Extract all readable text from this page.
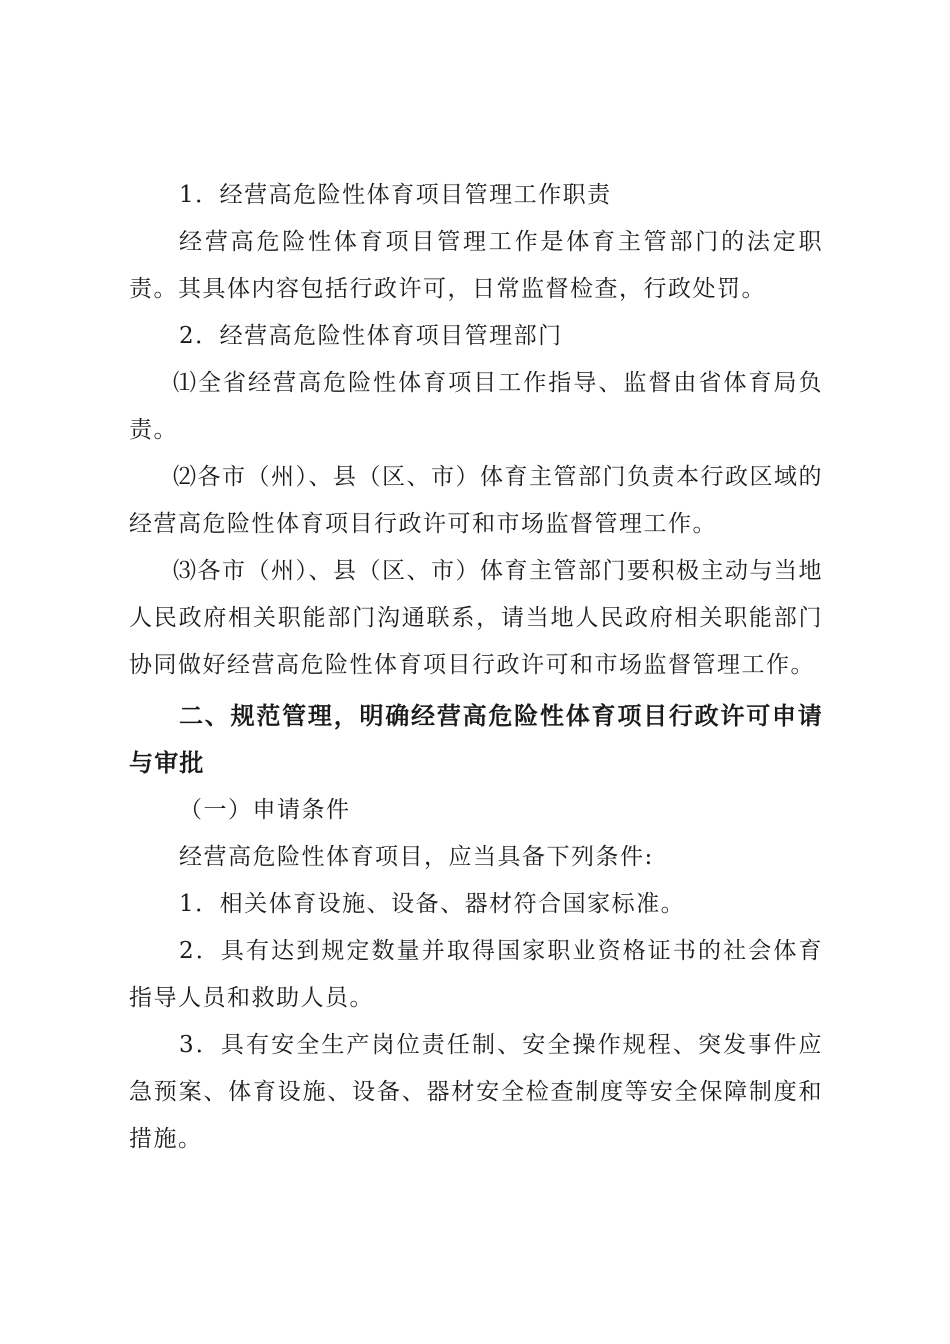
1．经营高危险性体育项目管理工作职责

经营高危险性体育项目管理工作是体育主管部门的法定职责。其具体内容包括行政许可，日常监督检查，行政处罚。

2．经营高危险性体育项目管理部门

⑴全省经营高危险性体育项目工作指导、监督由省体育局负责。

⑵各市（州）、县（区、市）体育主管部门负责本行政区域的经营高危险性体育项目行政许可和市场监督管理工作。

⑶各市（州）、县（区、市）体育主管部门要积极主动与当地人民政府相关职能部门沟通联系，请当地人民政府相关职能部门协同做好经营高危险性体育项目行政许可和市场监督管理工作。

二、规范管理，明确经营高危险性体育项目行政许可申请与审批

（一）申请条件

经营高危险性体育项目，应当具备下列条件:

1．相关体育设施、设备、器材符合国家标准。

2．具有达到规定数量并取得国家职业资格证书的社会体育指导人员和救助人员。

3．具有安全生产岗位责任制、安全操作规程、突发事件应急预案、体育设施、设备、器材安全检查制度等安全保障制度和措施。
